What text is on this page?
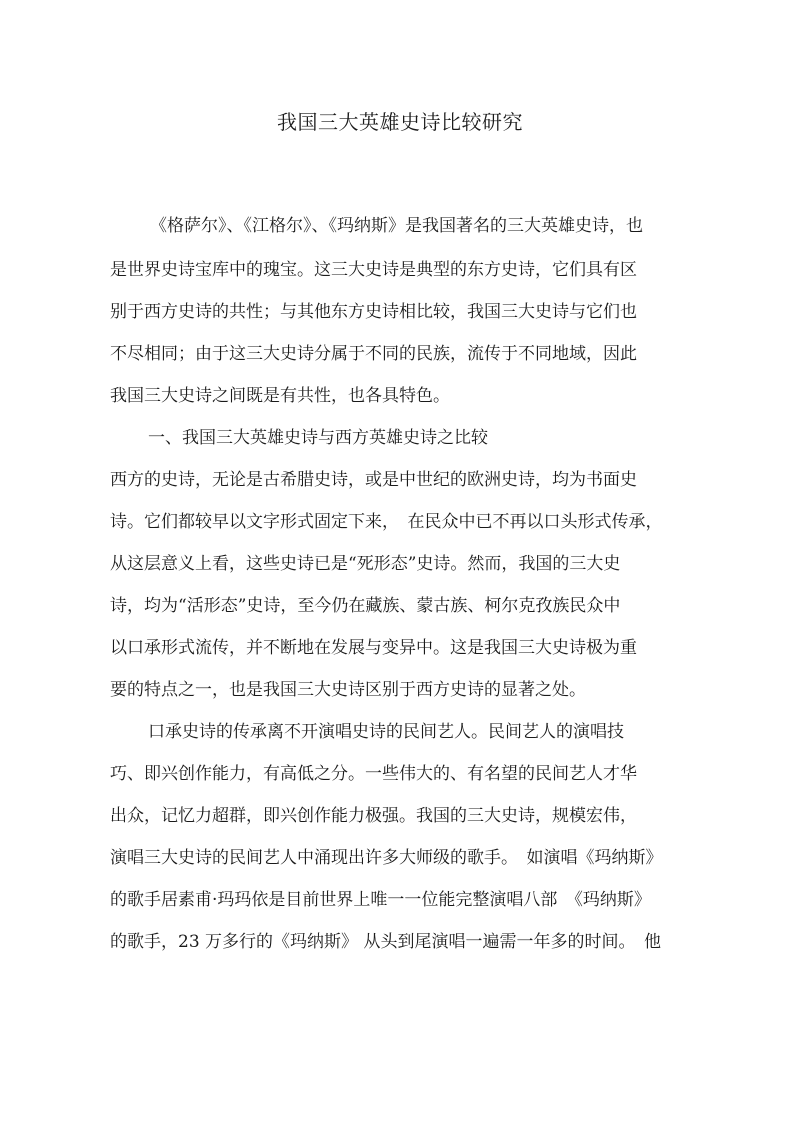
我国三大英雄史诗比较研究
《格萨尔》、《江格尔》、《玛纳斯》是我国著名的三大英雄史诗，也
是世界史诗宝库中的瑰宝。这三大史诗是典型的东方史诗，它们具有区
别于西方史诗的共性；与其他东方史诗相比较，我国三大史诗与它们也
不尽相同；由于这三大史诗分属于不同的民族，流传于不同地域，因此
我国三大史诗之间既是有共性，也各具特色。
一、我国三大英雄史诗与西方英雄史诗之比较
西方的史诗，无论是古希腊史诗，或是中世纪的欧洲史诗，均为书面史
诗。它们都较早以文字形式固定下来，　在民众中已不再以口头形式传承，
从这层意义上看，这些史诗已是“死形态”史诗。然而，我国的三大史
诗，均为“活形态”史诗，至今仍在藏族、蒙古族、柯尔克孜族民众中
以口承形式流传，并不断地在发展与变异中。这是我国三大史诗极为重
要的特点之一，也是我国三大史诗区别于西方史诗的显著之处。
口承史诗的传承离不开演唱史诗的民间艺人。民间艺人的演唱技
巧、即兴创作能力，有高低之分。一些伟大的、有名望的民间艺人才华
出众，记忆力超群，即兴创作能力极强。我国的三大史诗，规模宏伟，
演唱三大史诗的民间艺人中涌现出许多大师级的歌手。　如演唱《玛纳斯》
的歌手居素甫·玛玛依是目前世界上唯一一位能完整演唱八部　《玛纳斯》
的歌手，23 万多行的《玛纳斯》 从头到尾演唱一遍需一年多的时间。　他
